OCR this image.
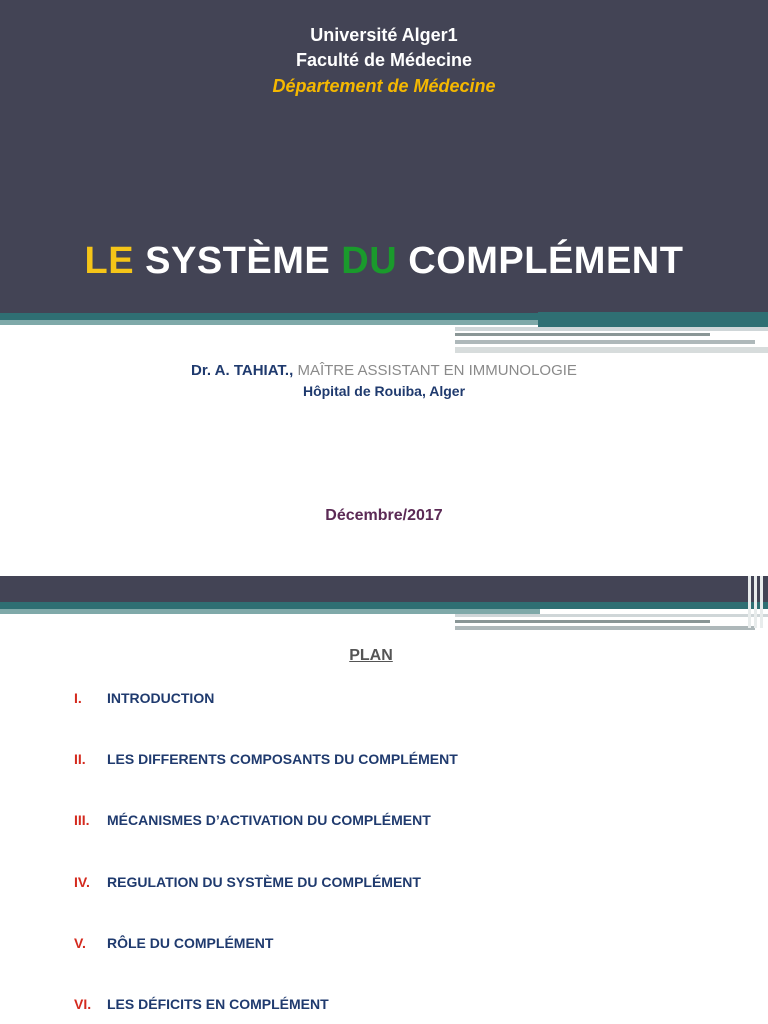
Université Alger1
Faculté de Médecine
Département de Médecine
LE SYSTÈME DU COMPLÉMENT
Dr. A. TAHIAT., MAÎTRE ASSISTANT EN IMMUNOLOGIE
Hôpital de Rouiba, Alger
Décembre/2017
PLAN
I. INTRODUCTION
II. LES DIFFERENTS COMPOSANTS DU COMPLÉMENT
III. MÉCANISMES D’ACTIVATION DU COMPLÉMENT
IV. REGULATION DU SYSTÈME DU COMPLÉMENT
V. RÔLE DU COMPLÉMENT
VI. LES DÉFICITS EN COMPLÉMENT
